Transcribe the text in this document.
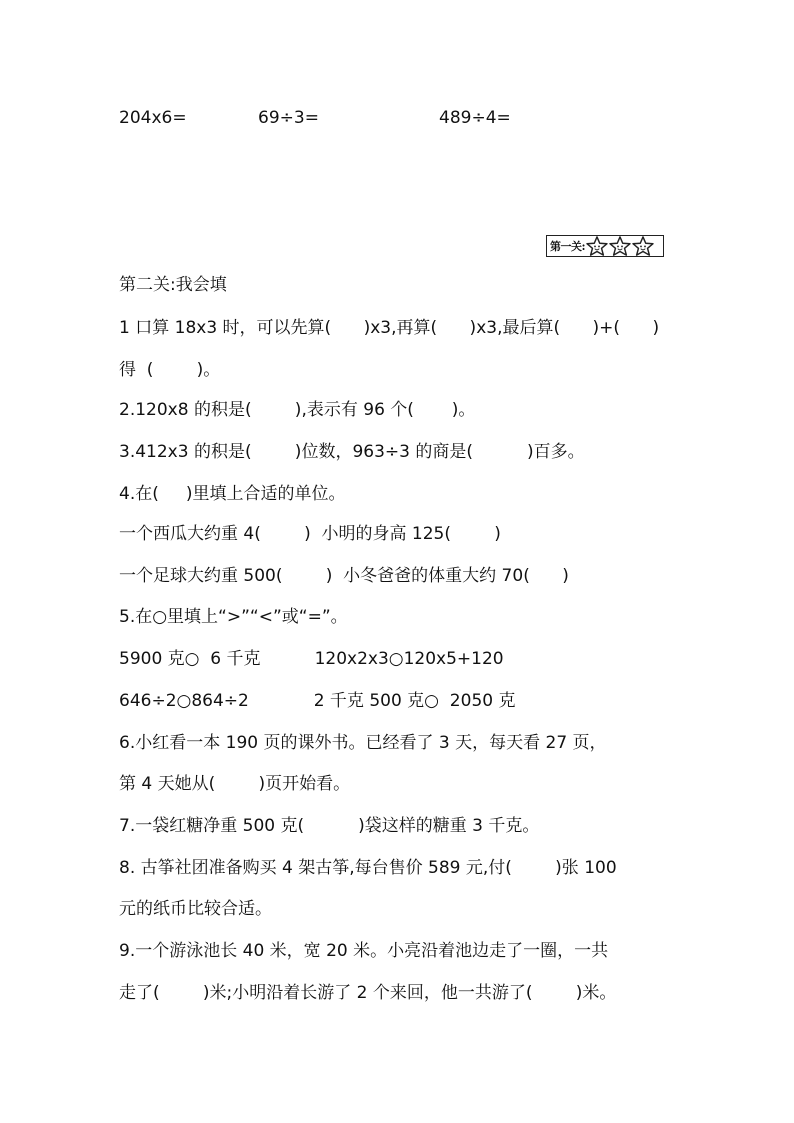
204x6=	69÷3=	489÷4=
第一关:
第二关:我会填
1 口算 18x3 时，可以先算(      )x3,再算(      )x3,最后算(      )+(      )
得  (        )。
2.120x8 的积是(        ),表示有 96 个(       )。
3.412x3 的积是(        )位数，963÷3 的商是(          )百多。
4.在(     )里填上合适的单位。
一个西瓜大约重 4(        )  小明的身高 125(        )
一个足球大约重 500(        )  小冬爸爸的体重大约 70(      )
5.在○里填上“>”“<”或“=”。
5900 克○  6 千克          120x2x3○120x5+120
646÷2○864÷2            2 千克 500 克○  2050 克
6.小红看一本 190 页的课外书。已经看了 3 天，每天看 27 页，
第 4 天她从(        )页开始看。
7.一袋红糖净重 500 克(          )袋这样的糖重 3 千克。
8. 古筝社团准备购买 4 架古筝,每台售价 589 元,付(        )张 100
元的纸币比较合适。
9.一个游泳池长 40 米，宽 20 米。小亮沿着池边走了一圈，一共
走了(        )米;小明沿着长游了 2 个来回，他一共游了(        )米。
